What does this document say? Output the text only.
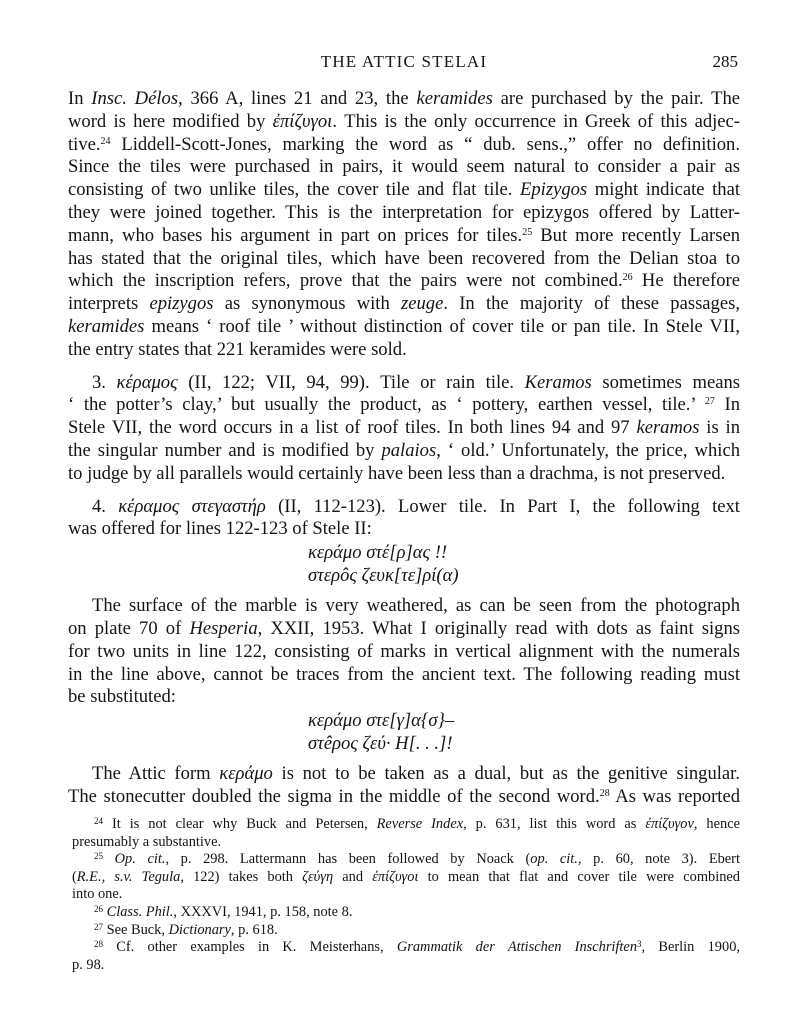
THE ATTIC STELAI	285
In Insc. Délos, 366 A, lines 21 and 23, the keramides are purchased by the pair. The
word is here modified by ἐπίζυγοι. This is the only occurrence in Greek of this adjec-
tive.$^{24}$ Liddell-Scott-Jones, marking the word as “ dub. sens.,” offer no definition.
Since the tiles were purchased in pairs, it would seem natural to consider a pair as
consisting of two unlike tiles, the cover tile and flat tile. Epizygos might indicate that
they were joined together. This is the interpretation for epizygos offered by Latter-
mann, who bases his argument in part on prices for tiles.$^{25}$ But more recently Larsen
has stated that the original tiles, which have been recovered from the Delian stoa to
which the inscription refers, prove that the pairs were not combined.$^{26}$ He therefore
interprets epizygos as synonymous with zeuge. In the majority of these passages,
keramides means ‘ roof tile ’ without distinction of cover tile or pan tile. In Stele VII,
the entry states that 221 keramides were sold.
3. κέραμος (II, 122; VII, 94, 99). Tile or rain tile. Keramos sometimes means
‘ the potter’s clay,’ but usually the product, as ‘ pottery, earthen vessel, tile.’ $^{27}$ In
Stele VII, the word occurs in a list of roof tiles. In both lines 94 and 97 keramos is in
the singular number and is modified by palaios, ‘ old.’ Unfortunately, the price, which
to judge by all parallels would certainly have been less than a drachma, is not preserved.
4. κέραμος στεγαστήρ (II, 112-123). Lower tile. In Part I, the following text
was offered for lines 122-123 of Stele II:
κεράμο στέ[ρ]ας !!
στερôς ζευκ[τε]ρί(α)
The surface of the marble is very weathered, as can be seen from the photograph
on plate 70 of Hesperia, XXII, 1953. What I originally read with dots as faint signs
for two units in line 122, consisting of marks in vertical alignment with the numerals
in the line above, cannot be traces from the ancient text. The following reading must
be substituted:
κεράμο στε[γ]α{σ}–
στêρος ζεύ· Η[. . .]!
The Attic form κεράμο is not to be taken as a dual, but as the genitive singular.
The stonecutter doubled the sigma in the middle of the second word.$^{28}$ As was reported
$^{24}$ It is not clear why Buck and Petersen, Reverse Index, p. 631, list this word as ἐπίζυγον, hence
presumably a substantive.
$^{25}$ Op. cit., p. 298. Lattermann has been followed by Noack (op. cit., p. 60, note 3). Ebert
(R.E., s.v. Tegula, 122) takes both ζεύγη and ἐπίζυγοι to mean that flat and cover tile were combined
into one.
$^{26}$ Class. Phil., XXXVI, 1941, p. 158, note 8.
$^{27}$ See Buck, Dictionary, p. 618.
$^{28}$ Cf. other examples in K. Meisterhans, Grammatik der Attischen Inschriften$^3$, Berlin 1900,
p. 98.
